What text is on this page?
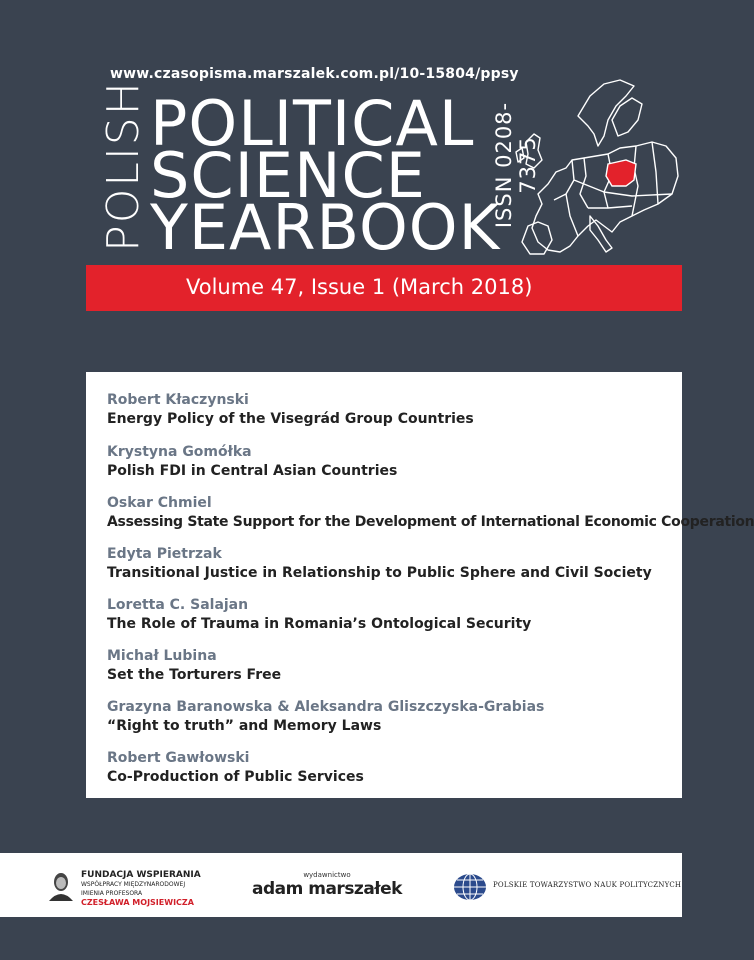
www.czasopisma.marszalek.com.pl/10-15804/ppsy
POLISH POLITICAL
SCIENCE
YEARBOOK
ISSN 0208-7375
Volume 47, Issue 1 (March 2018)
Robert Kłaczynski
Energy Policy of the Visegrád Group Countries
Krystyna Gomółka
Polish FDI in Central Asian Countries
Oskar Chmiel
Assessing State Support for the Development of International Economic Cooperation
Edyta Pietrzak
Transitional Justice in Relationship to Public Sphere and Civil Society
Loretta C. Salajan
The Role of Trauma in Romania’s Ontological Security
Michał Lubina
Set the Torturers Free
Grazyna Baranowska & Aleksandra Gliszczyska-Grabias
“Right to truth” and Memory Laws
Robert Gawłowski
Co-Production of Public Services
FUNDACJA WSPIERANIA
WSPÓŁPRACY MIĘDZYNARODOWEJ
IMIENIA PROFESORA
CZESŁAWA MOJSIEWICZA
wydawnictwo
adam marszałek	POLSKIE TOWARZYSTWO NAUK POLITYCZNYCH
